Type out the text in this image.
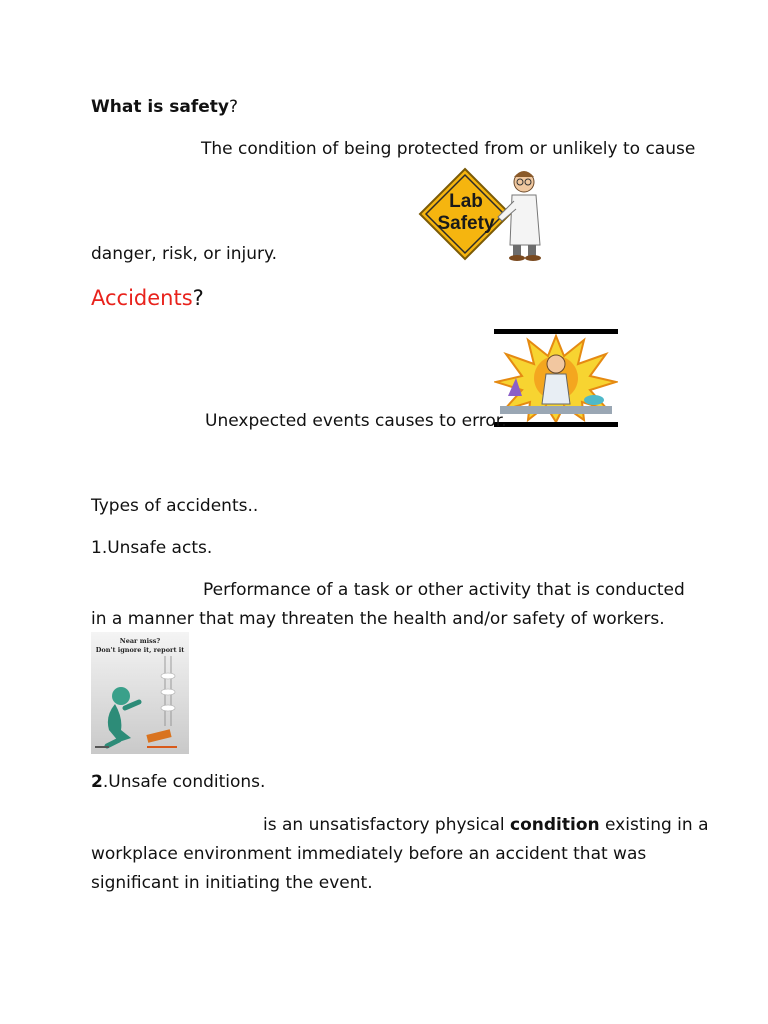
What is safety?
The condition of being protected from or unlikely to cause
Lab
Safety
danger, risk, or injury.
Accidents?
Unexpected events causes to error.
Types of accidents..
1.Unsafe acts.
Performance of a task or other activity that is conducted
in a manner that may threaten the health and/or safety of workers.
Near miss?
Don't ignore it, report it
2.Unsafe conditions.
is an unsatisfactory physical condition existing in a
workplace environment immediately before an accident that was
significant in initiating the event.
